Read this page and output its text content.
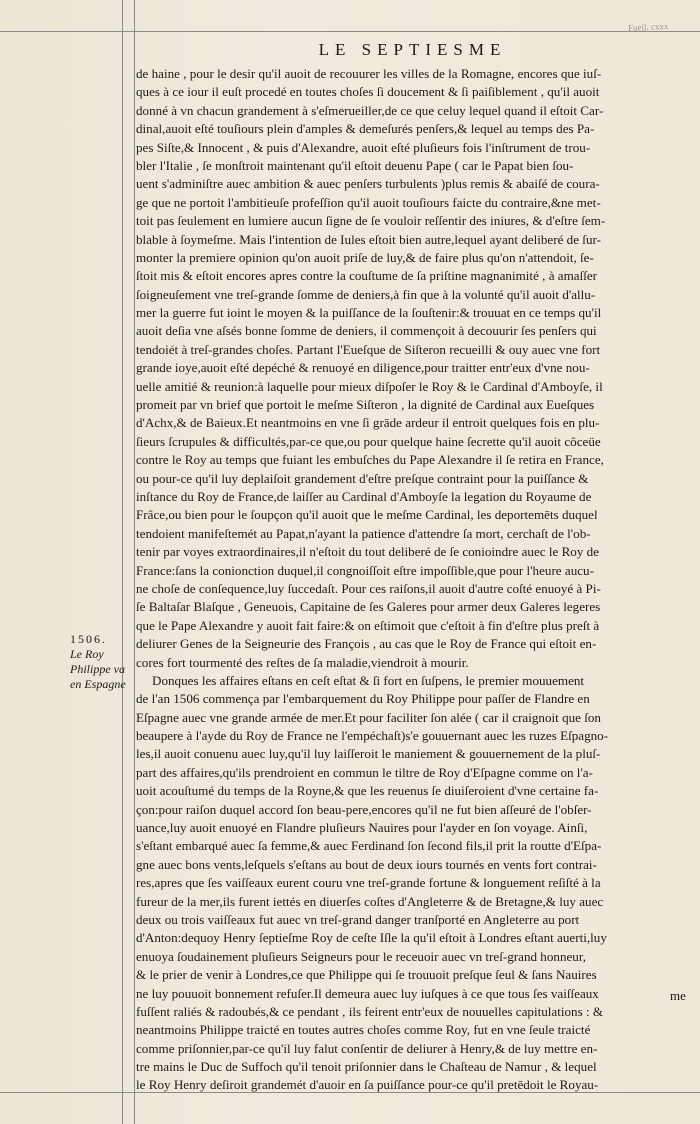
Fueil. cxxx
LE SEPTIESME
1506.
Le Roy
Philippe va
en Espagne
de haine , pour le desir qu'il auoit de recouurer les villes de la Romagne, encores que iuſ-
ques à ce iour il euſt procedé en toutes choſes ſi doucement & ſi paiſiblement , qu'il auoit
donné à vn chacun grandement à s'eſmerueiller,de ce que celuy lequel quand il eſtoit Car-
dinal,auoit eſté touſiours plein d'amples & demeſurés penſers,& lequel au temps des Pa-
pes Siſte,& Innocent , & puis d'Alexandre, auoit eſté pluſieurs fois l'inſtrument de trou-
bler l'Italie , ſe monſtroit maintenant qu'il eſtoit deuenu Pape ( car le Papat bien ſou-
uent s'adminiſtre auec ambition & auec penſers turbulents )plus remis & abaiſé de coura-
ge que ne portoit l'ambitieuſe profeſſion qu'il auoit touſiours faicte du contraire,&ne met-
toit pas ſeulement en lumiere aucun ſigne de ſe vouloir reſſentir des iniures, & d'eſtre ſem-
blable à ſoymeſme. Mais l'intention de Iules eſtoit bien autre,lequel ayant deliberé de ſur-
monter la premiere opinion qu'on auoit priſe de luy,& de faire plus qu'on n'attendoit, ſe-
ſtoit mis & eſtoit encores apres contre la couſtume de ſa priſtine magnanimité , à amaſſer
ſoigneuſement vne treſ-grande ſomme de deniers,à fin que à la volunté qu'il auoit d'allu-
mer la guerre fut ioint le moyen & la puiſſance de la ſouſtenir:& trouuat en ce temps qu'il
auoit deſia vne aſsés bonne ſomme de deniers, il commençoit à decouurir ſes penſers qui
tendoiét à treſ-grandes choſes. Partant l'Eueſque de Siſteron recueilli & ouy auec vne fort
grande ioye,auoit eſté depéché & renuoyé en diligence,pour traitter entr'eux d'vne nou-
uelle amitié & reunion:à laquelle pour mieux diſpoſer le Roy & le Cardinal d'Amboyſe, il
promeit par vn brief que portoit le meſme Siſteron , la dignité de Cardinal aux Eueſques
d'Achx,& de Baieux.Et neantmoins en vne ſi grāde ardeur il entroit quelques fois en plu-
ſieurs ſcrupules & difficultés,par-ce que,ou pour quelque haine ſecrette qu'il auoit côceüe
contre le Roy au temps que fuiant les embuſches du Pape Alexandre il ſe retira en France,
ou pour-ce qu'il luy deplaiſoit grandement d'eſtre preſque contraint pour la puiſſance &
inſtance du Roy de France,de laiſſer au Cardinal d'Amboyſe la legation du Royaume de
Frâce,ou bien pour le ſoupçon qu'il auoit que le meſme Cardinal, les deportemēts duquel
tendoient manifeſtemét au Papat,n'ayant la patience d'attendre ſa mort, cerchaſt de l'ob-
tenir par voyes extraordinaires,il n'eſtoit du tout deliberé de ſe conioindre auec le Roy de
France:ſans la conionction duquel,il congnoiſſoit eſtre impoſſible,que pour l'heure aucu-
ne choſe de conſequence,luy ſuccedaſt. Pour ces raiſons,il auoit d'autre coſté enuoyé à Pi-
ſe Baltaſar Blaſque , Geneuois, Capitaine de ſes Galeres pour armer deux Galeres legeres
que le Pape Alexandre y auoit fait faire:& on eſtimoit que c'eſtoit à fin d'eſtre plus preſt à
deliurer Genes de la Seigneurie des François , au cas que le Roy de France qui eſtoit en-
cores fort tourmenté des reſtes de ſa maladie,viendroit à mourir.
Donques les affaires eſtans en ceſt eſtat & ſi fort en ſuſpens, le premier mouuement
de l'an 1506 commença par l'embarquement du Roy Philippe pour paſſer de Flandre en
Eſpagne auec vne grande armée de mer.Et pour faciliter ſon alée ( car il craignoit que ſon
beaupere à l'ayde du Roy de France ne l'empéchaſt)s'e gouuernant auec les ruzes Eſpagno-
les,il auoit conuenu auec luy,qu'il luy laiſſeroit le maniement & gouuernement de la pluſ-
part des affaires,qu'ils prendroient en commun le tiltre de Roy d'Eſpagne comme on l'a-
uoit acouſtumé du temps de la Royne,& que les reuenus ſe diuiſeroient d'vne certaine fa-
çon:pour raiſon duquel accord ſon beau-pere,encores qu'il ne fut bien aſſeuré de l'obſer-
uance,luy auoit enuoyé en Flandre pluſieurs Nauires pour l'ayder en ſon voyage. Ainſi,
s'eſtant embarqué auec ſa femme,& auec Ferdinand ſon ſecond fils,il prit la routte d'Eſpa-
gne auec bons vents,leſquels s'eſtans au bout de deux iours tournés en vents fort contrai-
res,apres que ſes vaiſſeaux eurent couru vne treſ-grande fortune & longuement reſiſté à la
fureur de la mer,ils furent iettés en diuerſes coſtes d'Angleterre & de Bretagne,& luy auec
deux ou trois vaiſſeaux fut auec vn treſ-grand danger tranſporté en Angleterre au port
d'Anton:dequoy Henry ſeptieſme Roy de ceſte Iſle la qu'il eſtoit à Londres eſtant auerti,luy
enuoya ſoudainement pluſieurs Seigneurs pour le receuoir auec vn treſ-grand honneur,
& le prier de venir à Londres,ce que Philippe qui ſe trouuoit preſque ſeul & ſans Nauires
ne luy pouuoit bonnement refuſer.Il demeura auec luy iuſques à ce que tous ſes vaiſſeaux
fuſſent raliés & radoubés,& ce pendant , ils feirent entr'eux de nouuelles capitulations : &
neantmoins Philippe traicté en toutes autres choſes comme Roy, fut en vne ſeule traicté
comme priſonnier,par-ce qu'il luy falut conſentir de deliurer à Henry,& de luy mettre en-
tre mains le Duc de Suffoch qu'il tenoit priſonnier dans le Chaſteau de Namur , & lequel
le Roy Henry deſiroit grandemét d'auoir en ſa puiſſance pour-ce qu'il pretēdoit le Royau-
me
